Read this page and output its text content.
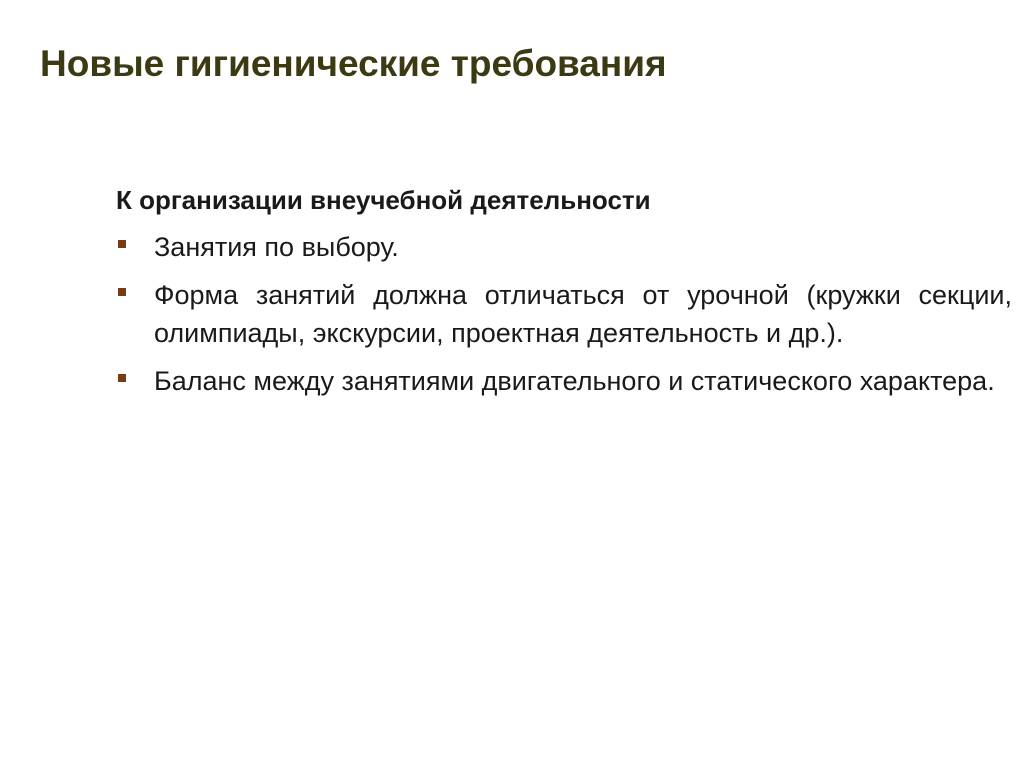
Новые гигиенические требования
К организации внеучебной деятельности
Занятия по выбору.
Форма занятий должна отличаться от урочной (кружки секции, олимпиады, экскурсии, проектная деятельность и др.).
Баланс между занятиями двигательного и статического характера.
